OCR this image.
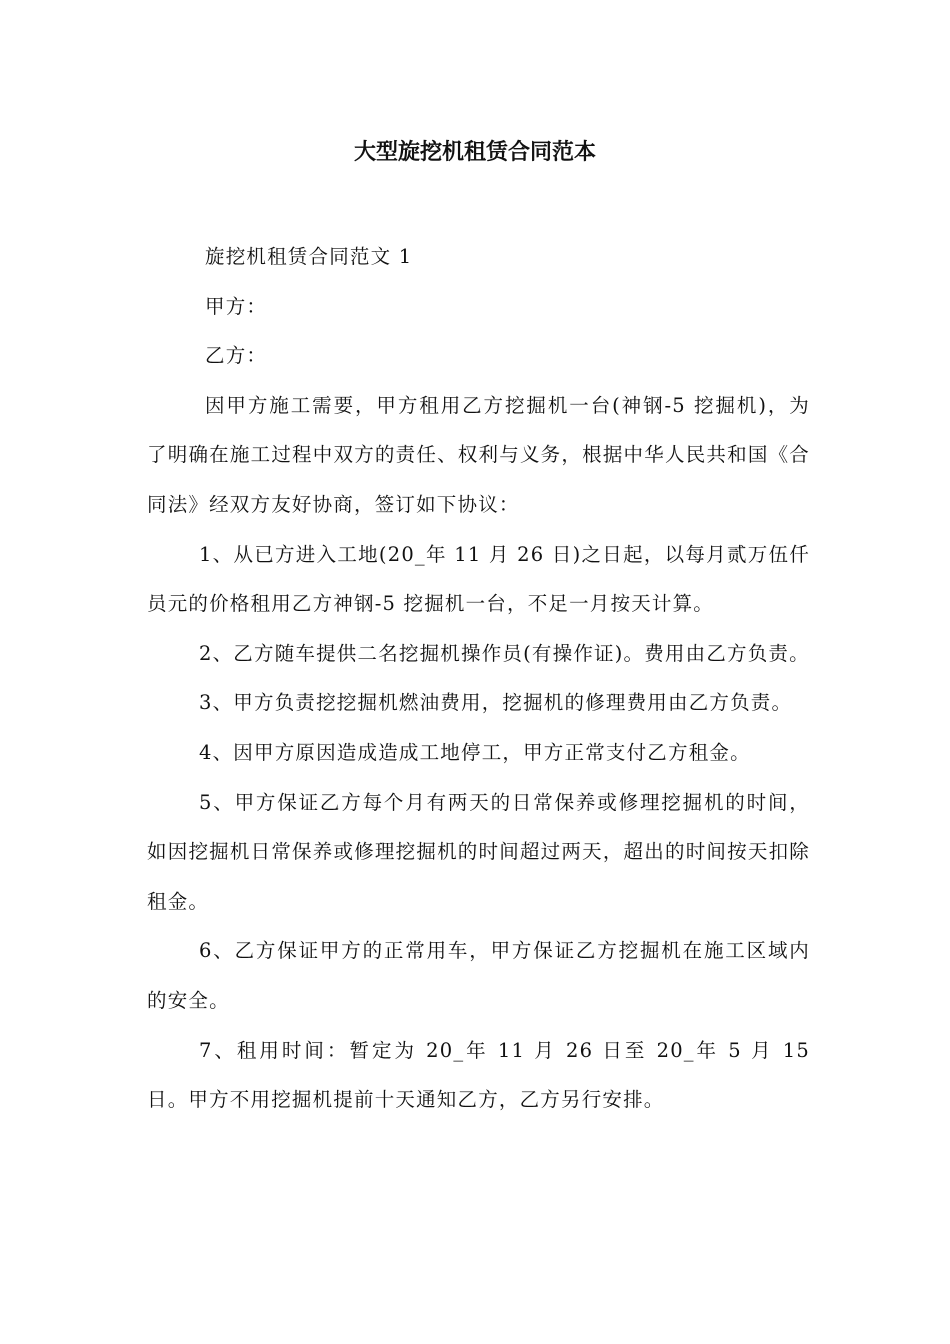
大型旋挖机租赁合同范本

旋挖机租赁合同范文 1

甲方：

乙方：

因甲方施工需要，甲方租用乙方挖掘机一台(神钢-5 挖掘机)，为了明确在施工过程中双方的责任、权利与义务，根据中华人民共和国《合同法》经双方友好协商，签订如下协议：

1、从已方进入工地(20_年 11 月 26 日)之日起，以每月贰万伍仟员元的价格租用乙方神钢-5 挖掘机一台，不足一月按天计算。

2、乙方随车提供二名挖掘机操作员(有操作证)。费用由乙方负责。

3、甲方负责挖挖掘机燃油费用，挖掘机的修理费用由乙方负责。

4、因甲方原因造成造成工地停工，甲方正常支付乙方租金。

5、甲方保证乙方每个月有两天的日常保养或修理挖掘机的时间，如因挖掘机日常保养或修理挖掘机的时间超过两天，超出的时间按天扣除租金。

6、乙方保证甲方的正常用车，甲方保证乙方挖掘机在施工区域内的安全。

7、租用时间：暂定为 20_年 11 月 26 日至 20_年 5 月 15 日。甲方不用挖掘机提前十天通知乙方，乙方另行安排。
